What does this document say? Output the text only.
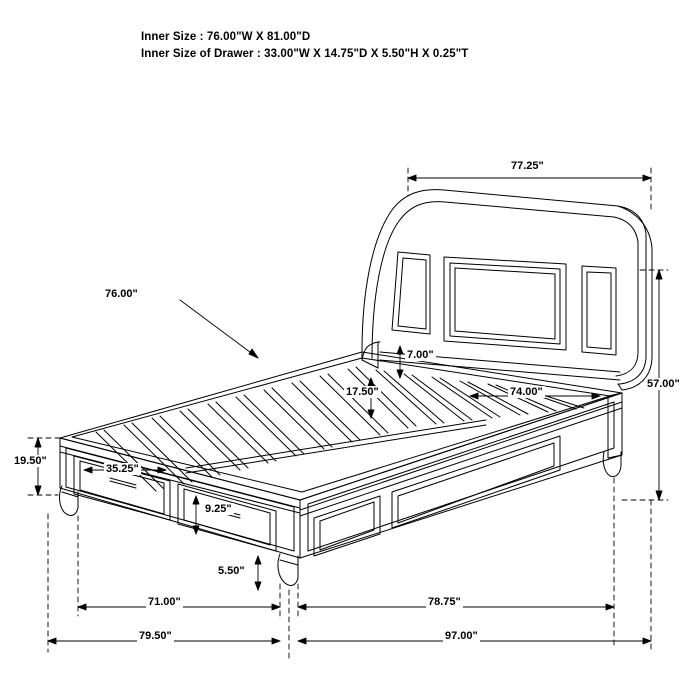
Inner Size : 76.00"W X 81.00"D
Inner Size of Drawer : 33.00"W X 14.75"D X 5.50"H X 0.25"T
77.25"
76.00"
57.00"
7.00"
74.00"
17.50"
19.50"
35.25"
9.25"
5.50"
71.00"	78.75"
79.50"	97.00"
